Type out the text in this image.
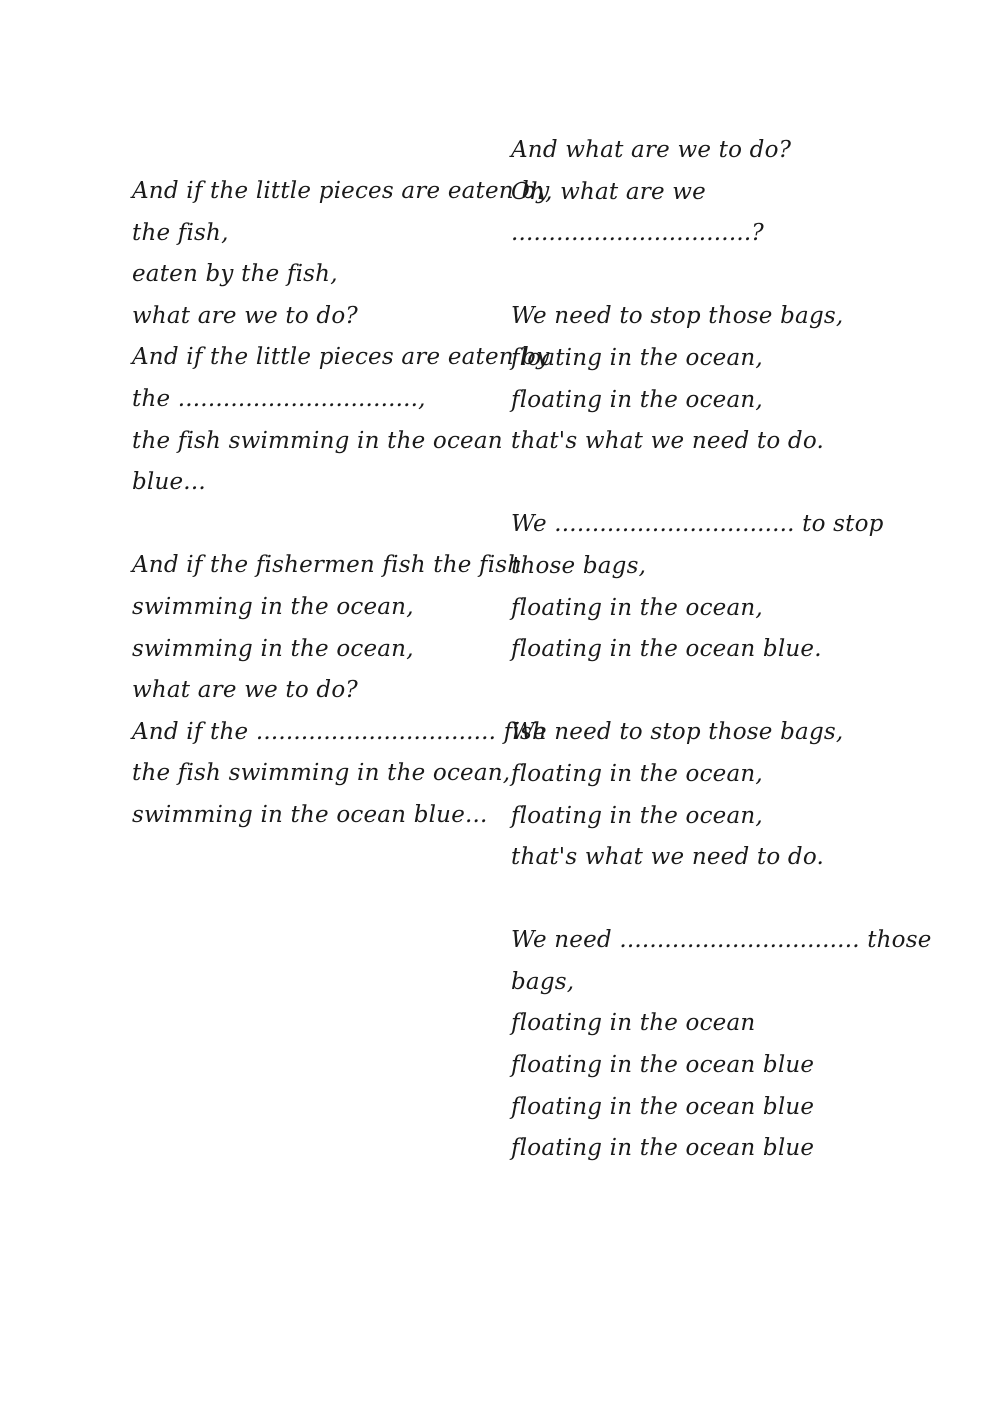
And if the little pieces are eaten by
the fish,
eaten by the fish,
what are we to do?
And if the little pieces are eaten by
the ................................,
the fish swimming in the ocean
blue...
And if the fishermen fish the fish
swimming in the ocean,
swimming in the ocean,
what are we to do?
And if the ................................ fish
the fish swimming in the ocean,
swimming in the ocean blue...
And what are we to do?
Oh, what are we
................................?
We need to stop those bags,
floating in the ocean,
floating in the ocean,
that's what we need to do.
We ................................ to stop
those bags,
floating in the ocean,
floating in the ocean blue.
We need to stop those bags,
floating in the ocean,
floating in the ocean,
that's what we need to do.
We need ................................ those
bags,
floating in the ocean
floating in the ocean blue
floating in the ocean blue
floating in the ocean blue
